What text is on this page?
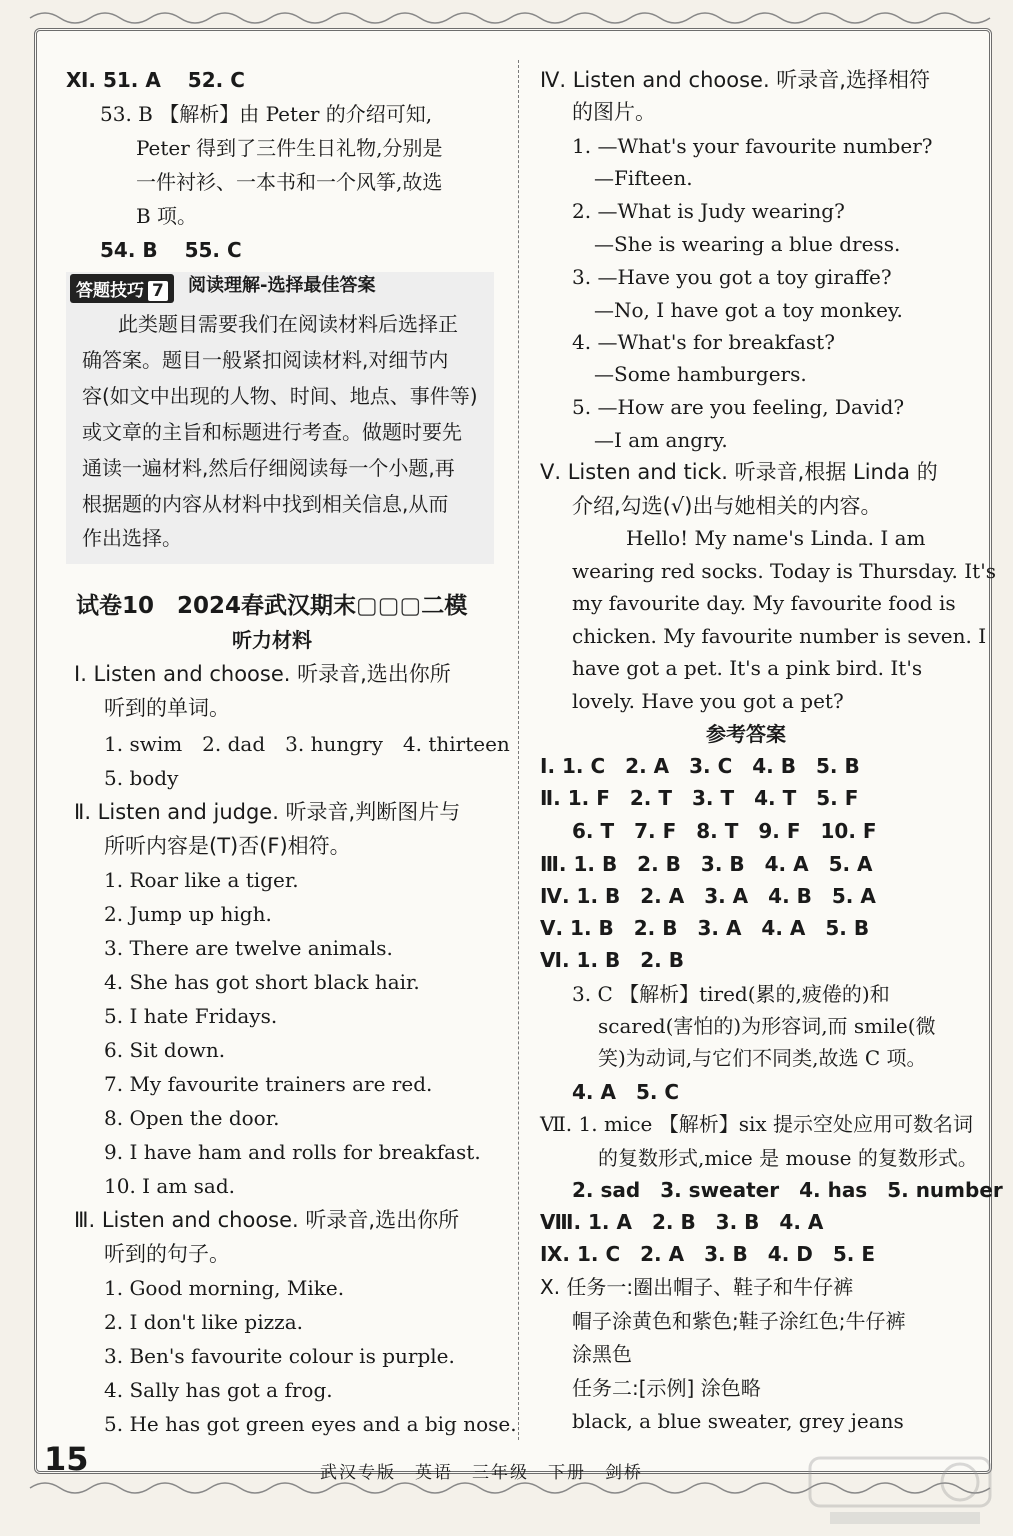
Ⅺ. 51. A　 52. C
53. B 【解析】由 Peter 的介绍可知,
Peter 得到了三件生日礼物,分别是
一件衬衫、一本书和一个风筝,故选
B 项。
54. B　 55. C
答题技巧 7	阅读理解-选择最佳答案
此类题目需要我们在阅读材料后选择正
确答案。题目一般紧扣阅读材料,对细节内
容(如文中出现的人物、时间、地点、事件等)
或文章的主旨和标题进行考查。做题时要先
通读一遍材料,然后仔细阅读每一个小题,再
根据题的内容从材料中找到相关信息,从而
作出选择。
试卷10　2024春武汉期末▢▢▢二模
听力材料
Ⅰ. Listen and choose. 听录音,选出你所
听到的单词。
1. swim　2. dad　3. hungry　4. thirteen
5. body
Ⅱ. Listen and judge. 听录音,判断图片与
所听内容是(T)否(F)相符。
1. Roar like a tiger.
2. Jump up high.
3. There are twelve animals.
4. She has got short black hair.
5. I hate Fridays.
6. Sit down.
7. My favourite trainers are red.
8. Open the door.
9. I have ham and rolls for breakfast.
10. I am sad.
Ⅲ. Listen and choose. 听录音,选出你所
听到的句子。
1. Good morning, Mike.
2. I don't like pizza.
3. Ben's favourite colour is purple.
4. Sally has got a frog.
5. He has got green eyes and a big nose.
Ⅳ. Listen and choose. 听录音,选择相符
的图片。
1. —What's your favourite number?
—Fifteen.
2. —What is Judy wearing?
—She is wearing a blue dress.
3. —Have you got a toy giraffe?
—No, I have got a toy monkey.
4. —What's for breakfast?
—Some hamburgers.
5. —How are you feeling, David?
—I am angry.
Ⅴ. Listen and tick. 听录音,根据 Linda 的
介绍,勾选(√)出与她相关的内容。
Hello! My name's Linda. I am
wearing red socks. Today is Thursday. It's
my favourite day. My favourite food is
chicken. My favourite number is seven. I
have got a pet. It's a pink bird. It's
lovely. Have you got a pet?
参考答案
Ⅰ. 1. C　2. A　3. C　4. B　5. B
Ⅱ. 1. F　2. T　3. T　4. T　5. F
6. T　7. F　8. T　9. F　10. F
Ⅲ. 1. B　2. B　3. B　4. A　5. A
Ⅳ. 1. B　2. A　3. A　4. B　5. A
Ⅴ. 1. B　2. B　3. A　4. A　5. B
Ⅵ. 1. B　2. B
3. C 【解析】tired(累的,疲倦的)和
scared(害怕的)为形容词,而 smile(微
笑)为动词,与它们不同类,故选 C 项。
4. A　5. C
Ⅶ. 1. mice 【解析】six 提示空处应用可数名词
的复数形式,mice 是 mouse 的复数形式。
2. sad　3. sweater　4. has　5. number
Ⅷ. 1. A　2. B　3. B　4. A
Ⅸ. 1. C　2. A　3. B　4. D　5. E
Ⅹ. 任务一:圈出帽子、鞋子和牛仔裤
帽子涂黄色和紫色;鞋子涂红色;牛仔裤
涂黑色
任务二:[示例] 涂色略
black, a blue sweater, grey jeans
15	武汉专版　英语　三年级　下册　剑桥
